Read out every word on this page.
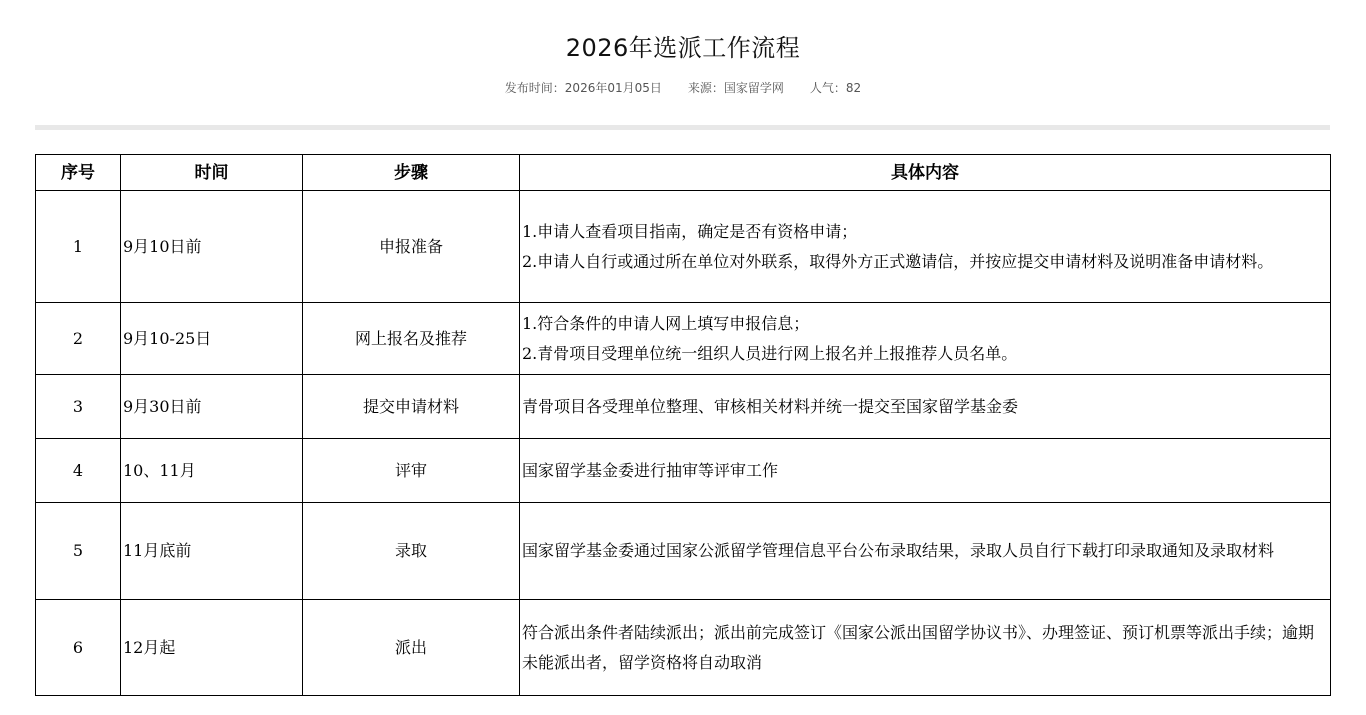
2026年选派工作流程
发布时间：2026年01月05日 来源：国家留学网 人气：82
序号	时间	步骤	具体内容
1	9月10日前	申报准备	1.申请人查看项目指南，确定是否有资格申请；
2.申请人自行或通过所在单位对外联系，取得外方正式邀请信，并按应提交申请材料及说明准备申请材料。

2	9月10-25日	网上报名及推荐	1.符合条件的申请人网上填写申报信息；
2.青骨项目受理单位统一组织人员进行网上报名并上报推荐人员名单。

3	9月30日前	提交申请材料	青骨项目各受理单位整理、审核相关材料并统一提交至国家留学基金委

4	10、11月	评审	国家留学基金委进行抽审等评审工作

5	11月底前	录取	国家留学基金委通过国家公派留学管理信息平台公布录取结果，录取人员自行下载打印录取通知及录取材料

6	12月起	派出	符合派出条件者陆续派出；派出前完成签订《国家公派出国留学协议书》、办理签证、预订机票等派出手续；逾期未能派出者，留学资格将自动取消
